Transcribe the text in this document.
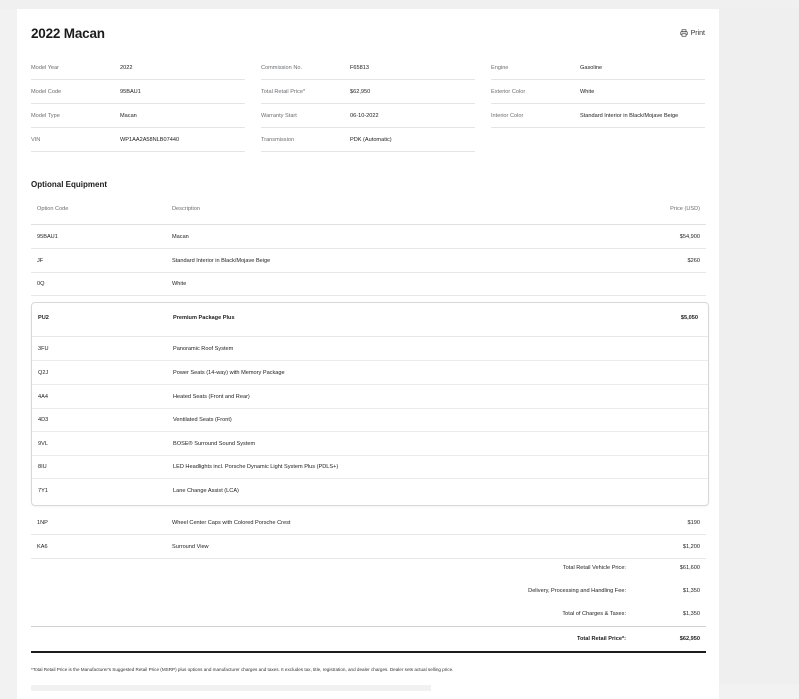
2022 Macan	Print
Model Year	2022
Model Code	95BAU1
Model Type	Macan
VIN	WP1AA2A58NLB07440
Commission No.	F65813
Total Retail Price*	$62,950
Warranty Start	06-10-2022
Transmission	PDK (Automatic)
Engine	Gasoline
Exterior Color	White
Interior Color	Standard Interior in Black/Mojave Beige
Optional Equipment
Option Code	Description	Price (USD)
95BAU1	Macan	$54,900
JF	Standard Interior in Black/Mojave Beige	$260
0Q	White
PU2	Premium Package Plus	$5,050
3FU	Panoramic Roof System
Q2J	Power Seats (14-way) with Memory Package
4A4	Heated Seats (Front and Rear)
4D3	Ventilated Seats (Front)
9VL	BOSE® Surround Sound System
8IU	LED Headlights incl. Porsche Dynamic Light System Plus (PDLS+)
7Y1	Lane Change Assist (LCA)
1NP	Wheel Center Caps with Colored Porsche Crest	$190
KA6	Surround View	$1,200
Total Retail Vehicle Price:	$61,600
Delivery, Processing and Handling Fee:	$1,350
Total of Charges & Taxes:	$1,350
Total Retail Price*:	$62,950
*Total Retail Price is the Manufacturer's Suggested Retail Price (MSRP) plus options and manufacturer charges and taxes. It excludes tax, title, registration, and dealer charges. Dealer sets actual selling price.
